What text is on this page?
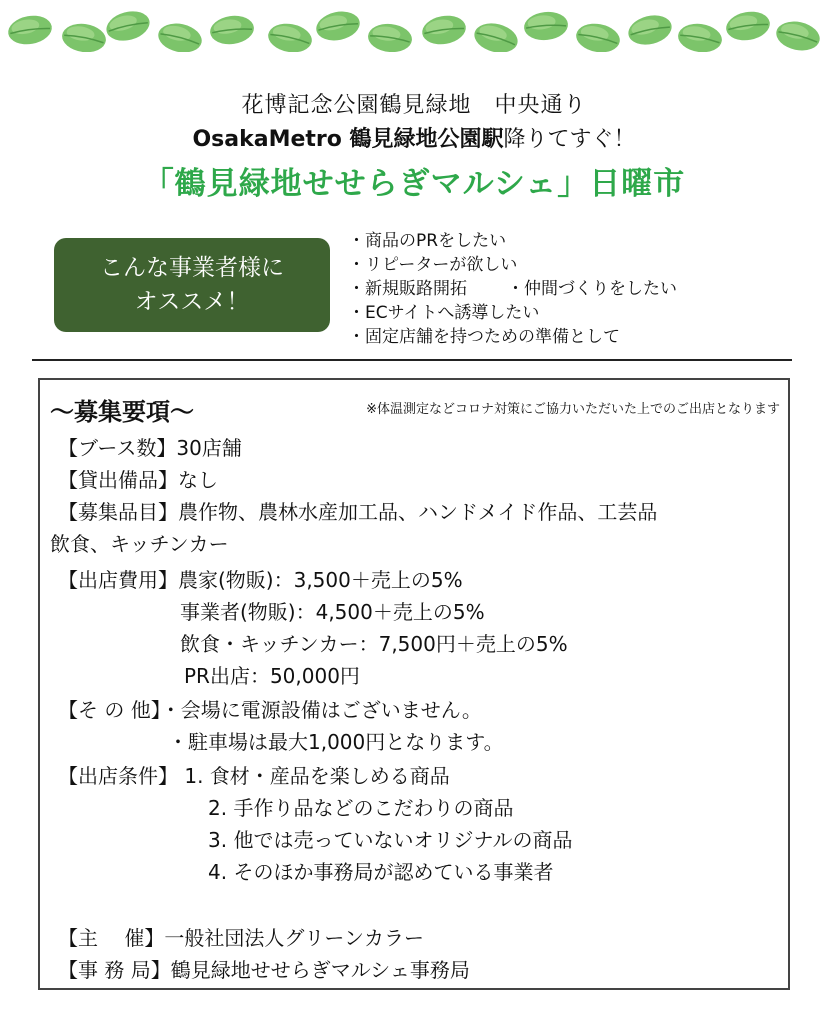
花博記念公園鶴見緑地　中央通り
OsakaMetro 鶴見緑地公園駅降りてすぐ！
「鶴見緑地せせらぎマルシェ」日曜市
こんな事業者様に
オススメ！
・商品のPRをしたい
・リピーターが欲しい
・新規販路開拓 ・仲間づくりをしたい
・ECサイトへ誘導したい
・固定店舗を持つための準備として
〜募集要項〜	※体温測定などコロナ対策にご協力いただいた上でのご出店となります
【ブース数】30店舗
【貸出備品】なし
【募集品目】農作物、農林水産加工品、ハンドメイド作品、工芸品
飲食、キッチンカー
【出店費用】農家(物販)：3,500＋売上の5%
事業者(物販)：4,500＋売上の5%
飲食・キッチンカー：7,500円＋売上の5%
PR出店：50,000円
【そ の 他】・会場に電源設備はございません。
・駐車場は最大1,000円となります。
【出店条件】 1. 食材・産品を楽しめる商品
2. 手作り品などのこだわりの商品
3. 他では売っていないオリジナルの商品
4. そのほか事務局が認めている事業者
【主　 催】一般社団法人グリーンカラー
【事 務 局】鶴見緑地せせらぎマルシェ事務局
